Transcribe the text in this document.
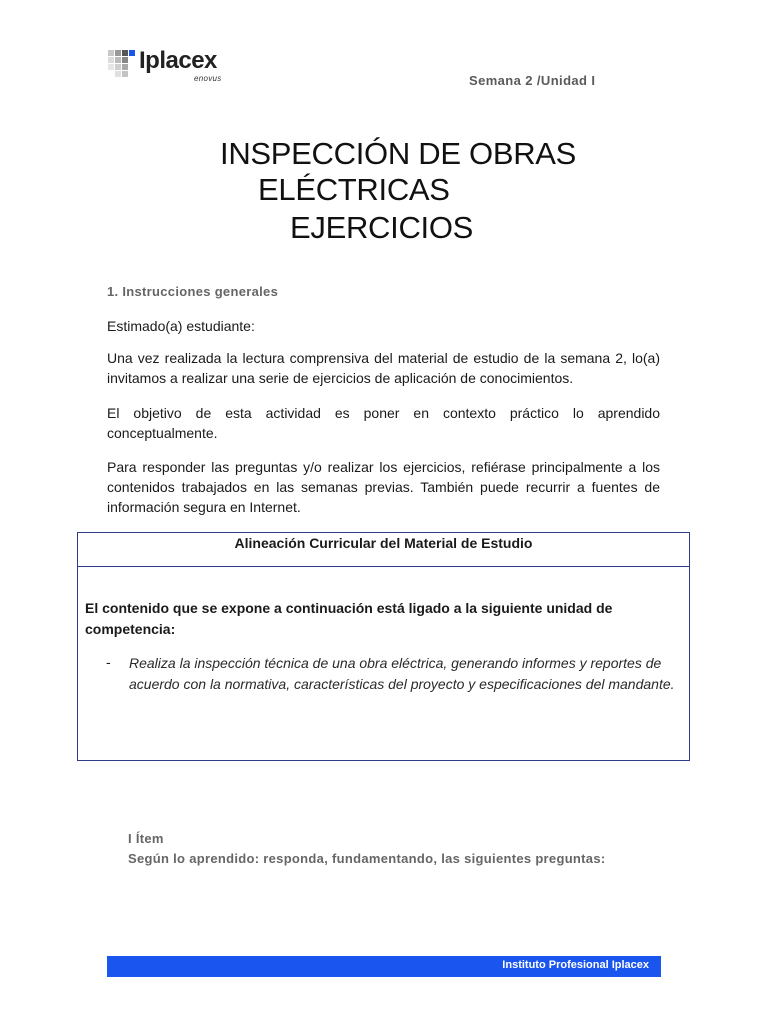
Iplacex
enovus	Semana 2 /Unidad I
INSPECCIÓN DE OBRAS
ELÉCTRICAS
EJERCICIOS
1. Instrucciones generales
Estimado(a) estudiante:
Una vez realizada la lectura comprensiva del material de estudio de la semana 2, lo(a) invitamos a realizar una serie de ejercicios de aplicación de conocimientos.
El objetivo de esta actividad es poner en contexto práctico lo aprendido conceptualmente.
Para responder las preguntas y/o realizar los ejercicios, refiérase principalmente a los contenidos trabajados en las semanas previas. También puede recurrir a fuentes de información segura en Internet.
Alineación Curricular del Material de Estudio
El contenido que se expone a continuación está ligado a la siguiente unidad de competencia:
- Realiza la inspección técnica de una obra eléctrica, generando informes y reportes de acuerdo con la normativa, características del proyecto y especificaciones del mandante.
I Ítem
Según lo aprendido: responda, fundamentando, las siguientes preguntas:
Instituto Profesional Iplacex
